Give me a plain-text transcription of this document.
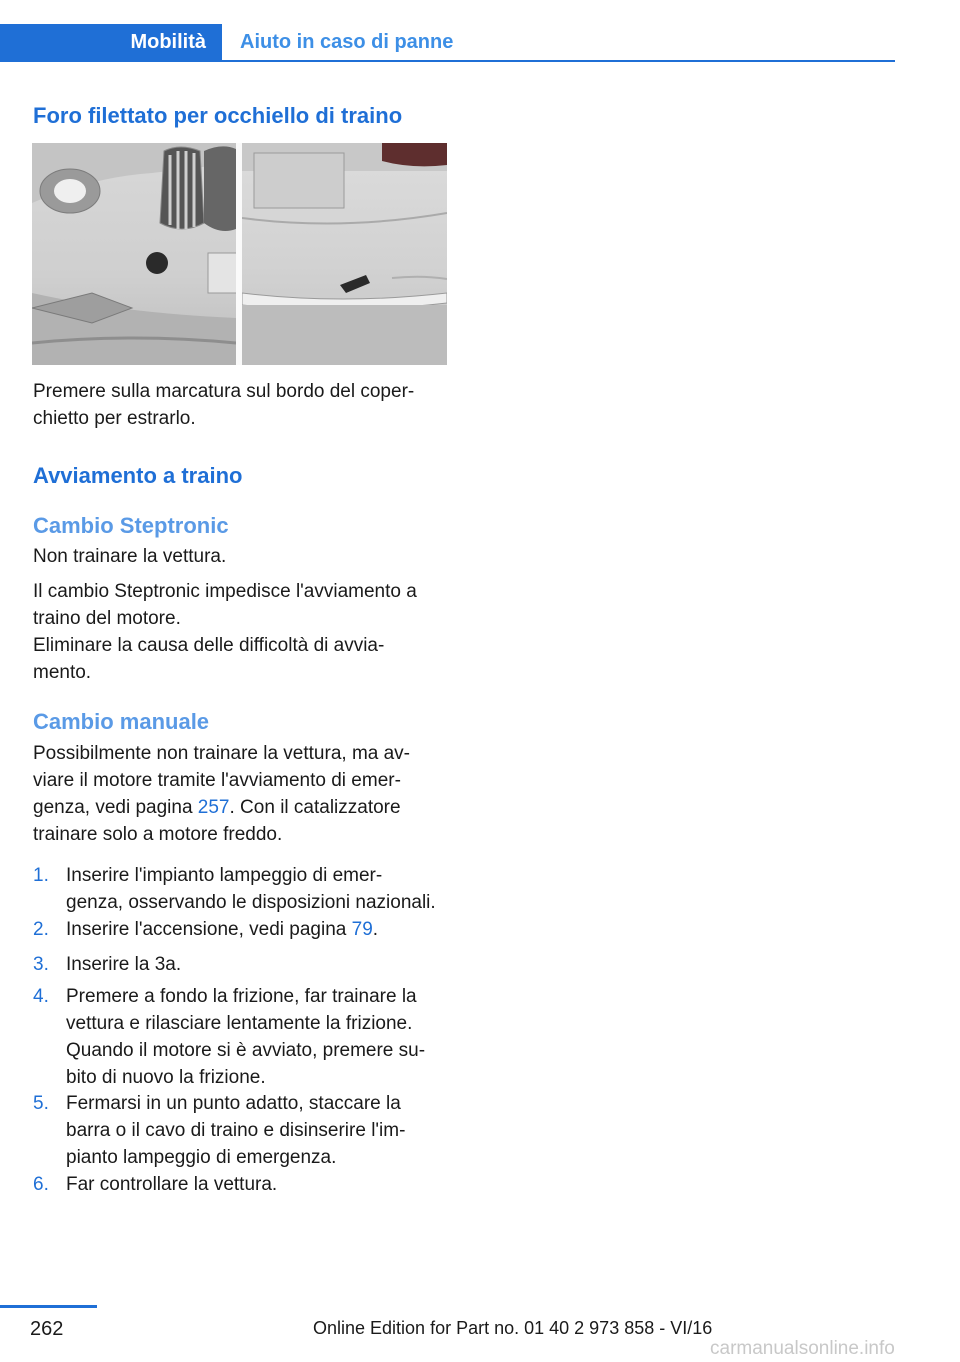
Mobilità	Aiuto in caso di panne
Foro filettato per occhiello di traino
Premere sulla marcatura sul bordo del coper-
chietto per estrarlo.
Avviamento a traino
Cambio Steptronic
Non trainare la vettura.
Il cambio Steptronic impedisce l'avviamento a
traino del motore.
Eliminare la causa delle difficoltà di avvia-
mento.
Cambio manuale
Possibilmente non trainare la vettura, ma av-
viare il motore tramite l'avviamento di emer-
genza, vedi pagina 257. Con il catalizzatore
trainare solo a motore freddo.
1. Inserire l'impianto lampeggio di emer-
genza, osservando le disposizioni nazionali.
2. Inserire l'accensione, vedi pagina 79.
3. Inserire la 3a.
4. Premere a fondo la frizione, far trainare la
vettura e rilasciare lentamente la frizione.
Quando il motore si è avviato, premere su-
bito di nuovo la frizione.
5. Fermarsi in un punto adatto, staccare la
barra o il cavo di traino e disinserire l'im-
pianto lampeggio di emergenza.
6. Far controllare la vettura.
262	Online Edition for Part no. 01 40 2 973 858 - VI/16
carmanualsonline.info
